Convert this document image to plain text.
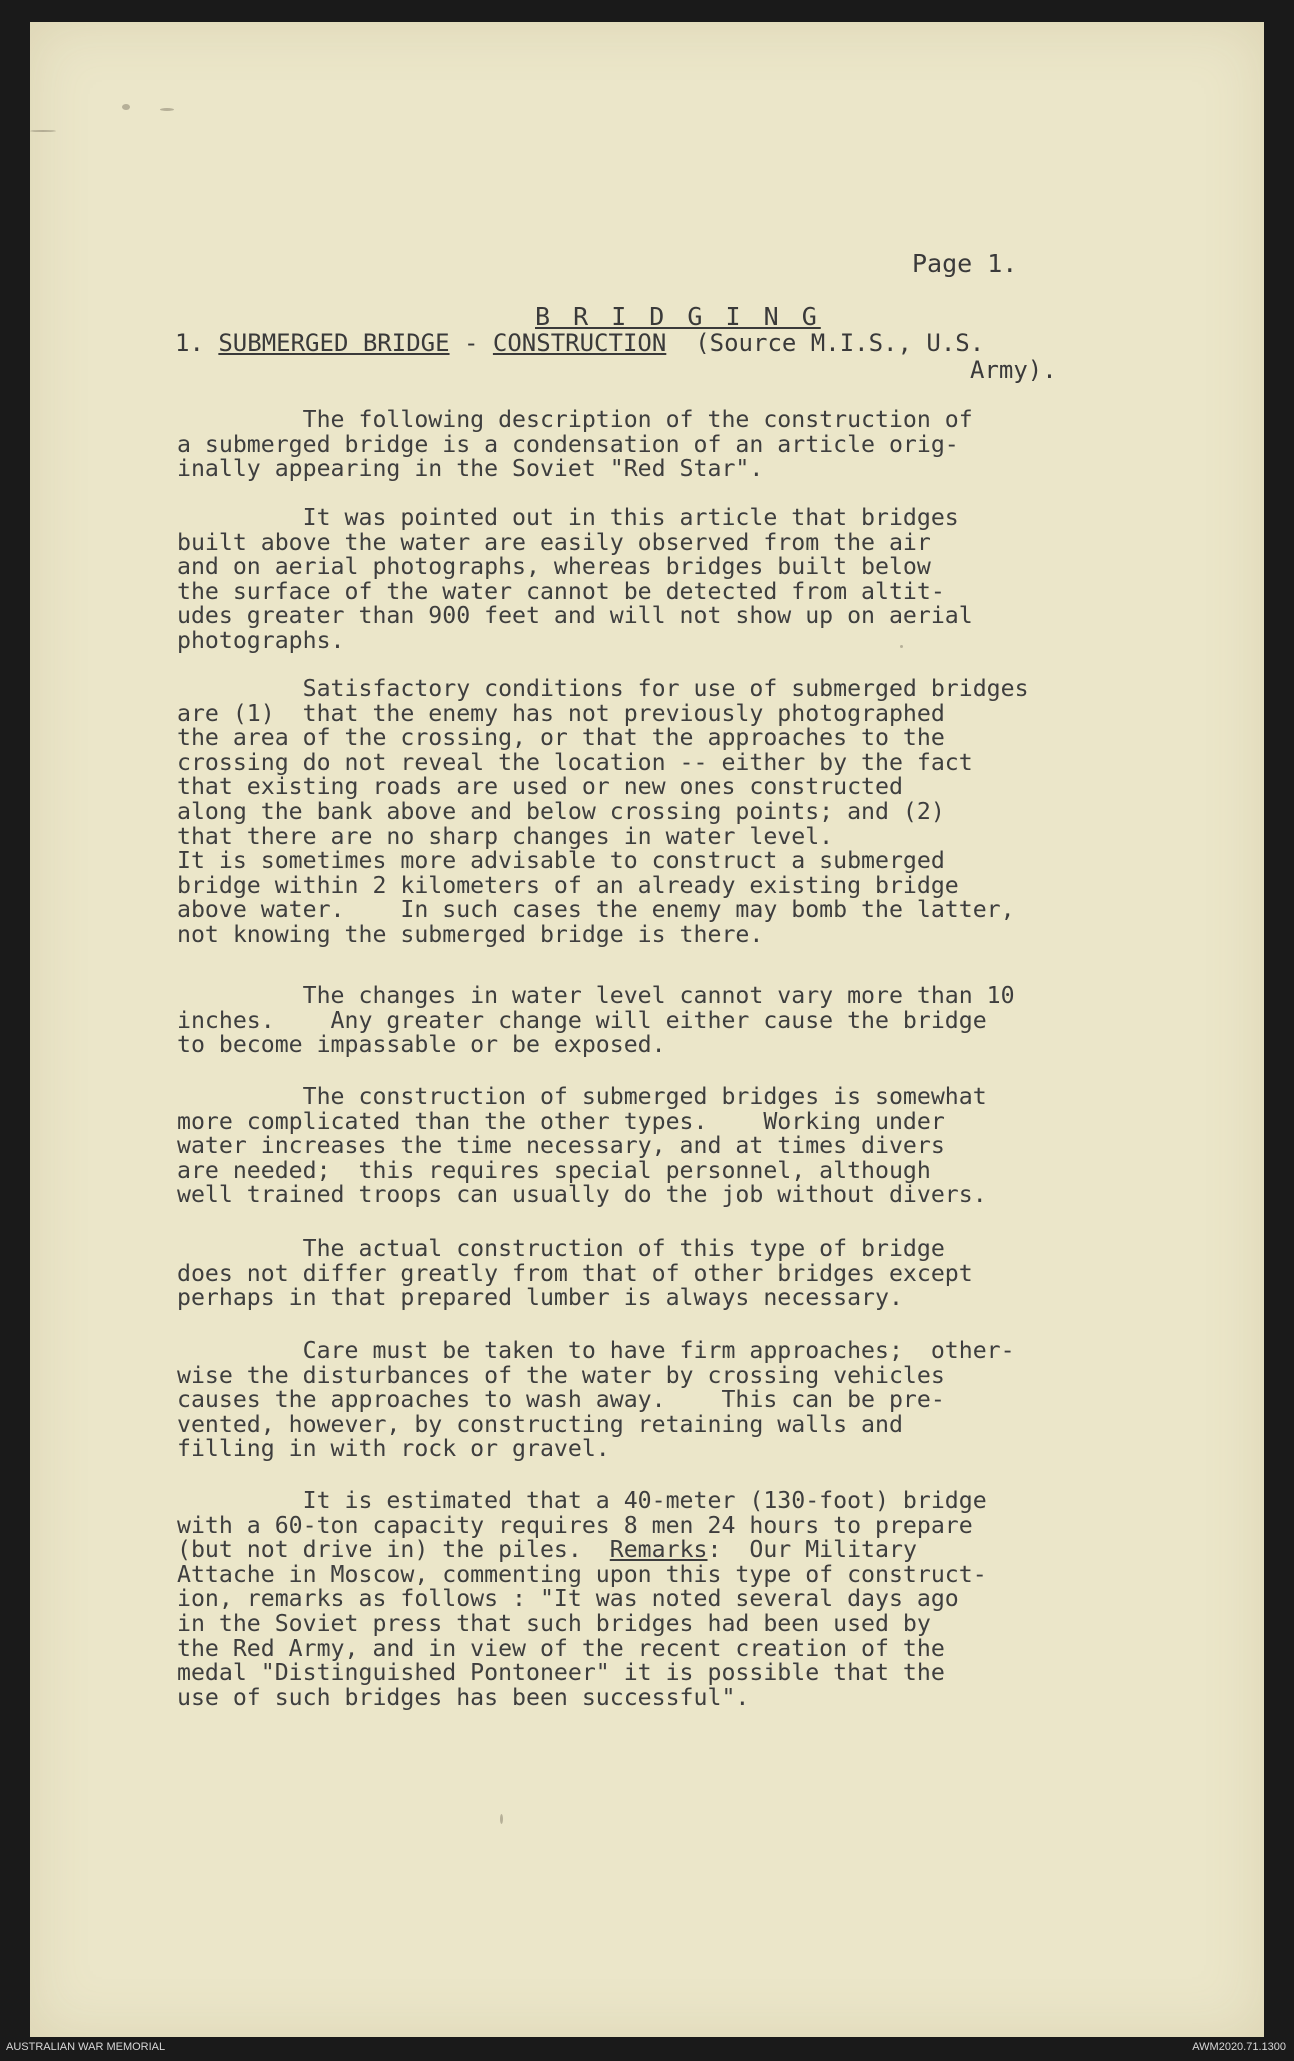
Page 1.
B R I D G I N G
1. SUBMERGED BRIDGE - CONSTRUCTION  (Source M.I.S., U.S.
Army).
The following description of the construction of
a submerged bridge is a condensation of an article orig-
inally appearing in the Soviet "Red Star".
It was pointed out in this article that bridges
built above the water are easily observed from the air
and on aerial photographs, whereas bridges built below
the surface of the water cannot be detected from altit-
udes greater than 900 feet and will not show up on aerial
photographs.
Satisfactory conditions for use of submerged bridges
are (1)  that the enemy has not previously photographed
the area of the crossing, or that the approaches to the
crossing do not reveal the location -- either by the fact
that existing roads are used or new ones constructed
along the bank above and below crossing points; and (2)
that there are no sharp changes in water level.
It is sometimes more advisable to construct a submerged
bridge within 2 kilometers of an already existing bridge
above water.    In such cases the enemy may bomb the latter,
not knowing the submerged bridge is there.
The changes in water level cannot vary more than 10
inches.    Any greater change will either cause the bridge
to become impassable or be exposed.
The construction of submerged bridges is somewhat
more complicated than the other types.    Working under
water increases the time necessary, and at times divers
are needed;  this requires special personnel, although
well trained troops can usually do the job without divers.
The actual construction of this type of bridge
does not differ greatly from that of other bridges except
perhaps in that prepared lumber is always necessary.
Care must be taken to have firm approaches;  other-
wise the disturbances of the water by crossing vehicles
causes the approaches to wash away.    This can be pre-
vented, however, by constructing retaining walls and
filling in with rock or gravel.
It is estimated that a 40-meter (130-foot) bridge
with a 60-ton capacity requires 8 men 24 hours to prepare
(but not drive in) the piles.  Remarks:  Our Military
Attache in Moscow, commenting upon this type of construct-
ion, remarks as follows : "It was noted several days ago
in the Soviet press that such bridges had been used by
the Red Army, and in view of the recent creation of the
medal "Distinguished Pontoneer" it is possible that the
use of such bridges has been successful".
AUSTRALIAN WAR MEMORIAL	AWM2020.71.1300
